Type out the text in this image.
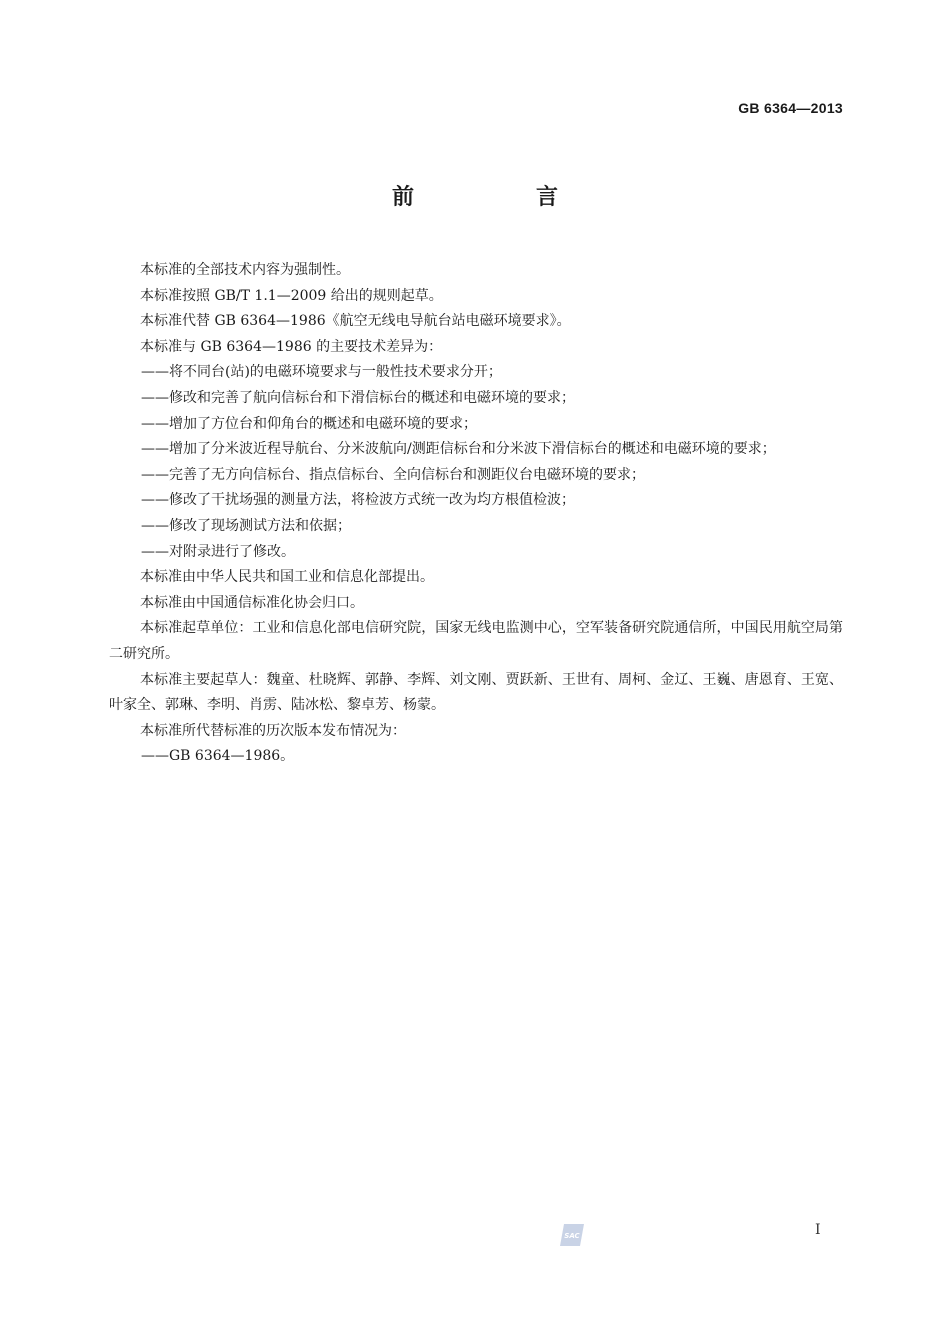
GB 6364—2013
前　言

本标准的全部技术内容为强制性。

本标准按照 GB/T 1.1—2009 给出的规则起草。

本标准代替 GB 6364—1986《航空无线电导航台站电磁环境要求》。

本标准与 GB 6364—1986 的主要技术差异为：

——将不同台(站)的电磁环境要求与一般性技术要求分开；

——修改和完善了航向信标台和下滑信标台的概述和电磁环境的要求；

——增加了方位台和仰角台的概述和电磁环境的要求；

——增加了分米波近程导航台、分米波航向/测距信标台和分米波下滑信标台的概述和电磁环境的要求；

——完善了无方向信标台、指点信标台、全向信标台和测距仪台电磁环境的要求；

——修改了干扰场强的测量方法，将检波方式统一改为均方根值检波；

——修改了现场测试方法和依据；

——对附录进行了修改。

本标准由中华人民共和国工业和信息化部提出。

本标准由中国通信标准化协会归口。

本标准起草单位：工业和信息化部电信研究院，国家无线电监测中心，空军装备研究院通信所，中国民用航空局第二研究所。

本标准主要起草人：魏童、杜晓辉、郭静、李辉、刘文刚、贾跃新、王世有、周柯、金辽、王巍、唐恩育、王宽、叶家全、郭琳、李明、肖雳、陆冰松、黎卓芳、杨蒙。

本标准所代替标准的历次版本发布情况为：

——GB 6364—1986。

SAC	I
